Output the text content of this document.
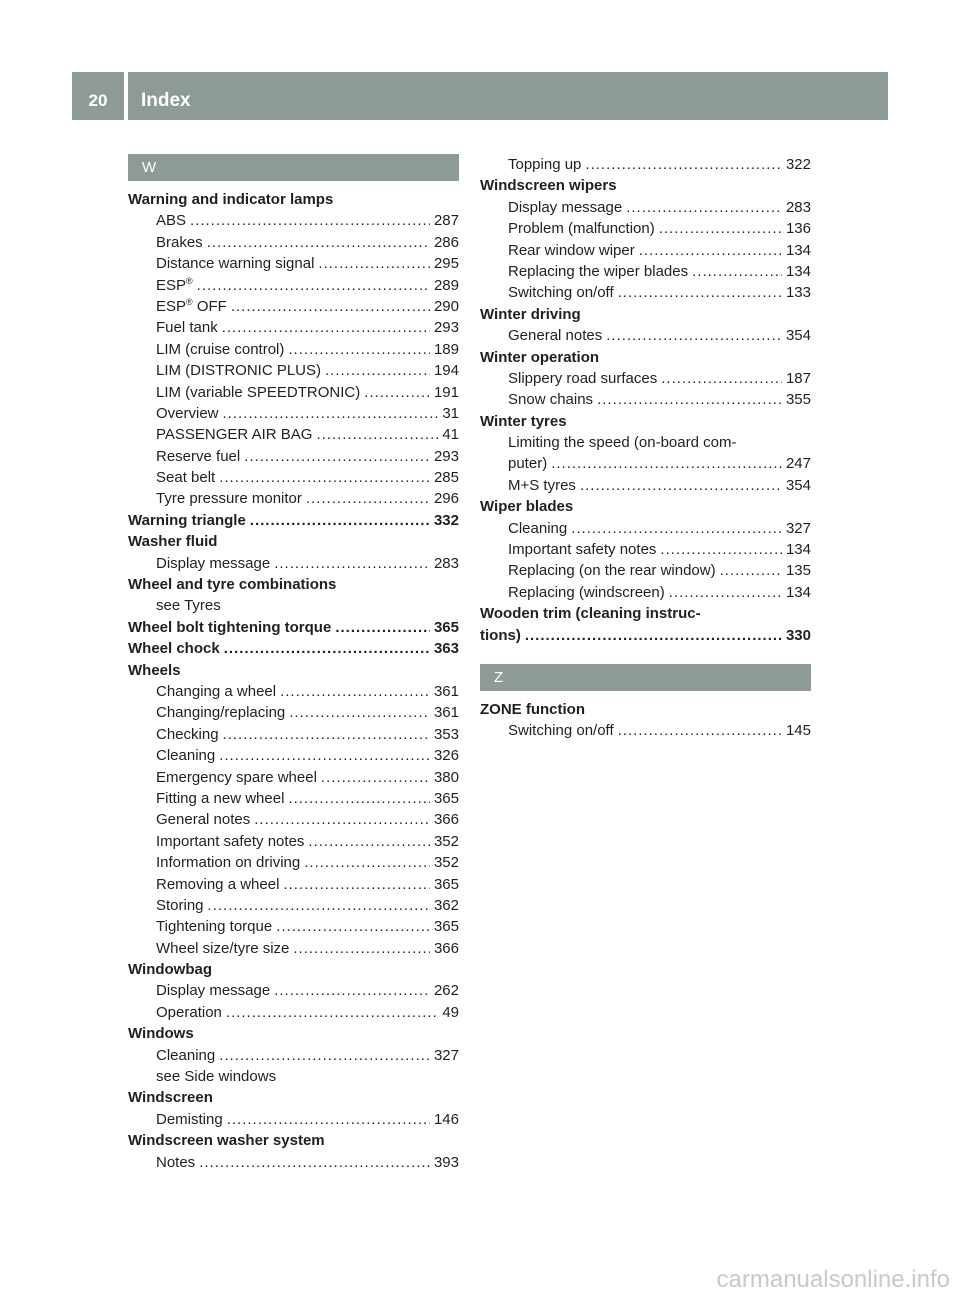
20	Index
W
Warning and indicator lamps
ABS .....	287
Brakes .....	286
Distance warning signal .....	295
ESP® .....	289
ESP® OFF .....	290
Fuel tank .....	293
LIM (cruise control) .....	189
LIM (DISTRONIC PLUS) .....	194
LIM (variable SPEEDTRONIC) .....	191
Overview .....	31
PASSENGER AIR BAG .....	41
Reserve fuel .....	293
Seat belt .....	285
Tyre pressure monitor .....	296
Warning triangle .....	332
Washer fluid
Display message .....	283
Wheel and tyre combinations
see Tyres
Wheel bolt tightening torque .....	365
Wheel chock .....	363
Wheels
Changing a wheel .....	361
Changing/replacing .....	361
Checking .....	353
Cleaning .....	326
Emergency spare wheel .....	380
Fitting a new wheel .....	365
General notes .....	366
Important safety notes .....	352
Information on driving .....	352
Removing a wheel .....	365
Storing .....	362
Tightening torque .....	365
Wheel size/tyre size .....	366
Windowbag
Display message .....	262
Operation .....	49
Windows
Cleaning .....	327
see Side windows
Windscreen
Demisting .....	146
Windscreen washer system
Notes .....	393
Topping up .....	322
Windscreen wipers
Display message .....	283
Problem (malfunction) .....	136
Rear window wiper .....	134
Replacing the wiper blades .....	134
Switching on/off .....	133
Winter driving
General notes .....	354
Winter operation
Slippery road surfaces .....	187
Snow chains .....	355
Winter tyres
Limiting the speed (on-board com-
puter) .....	247
M+S tyres .....	354
Wiper blades
Cleaning .....	327
Important safety notes .....	134
Replacing (on the rear window) .....	135
Replacing (windscreen) .....	134
Wooden trim (cleaning instruc-
tions) .....	330
Z
ZONE function
Switching on/off .....	145
carmanualsonline.info
